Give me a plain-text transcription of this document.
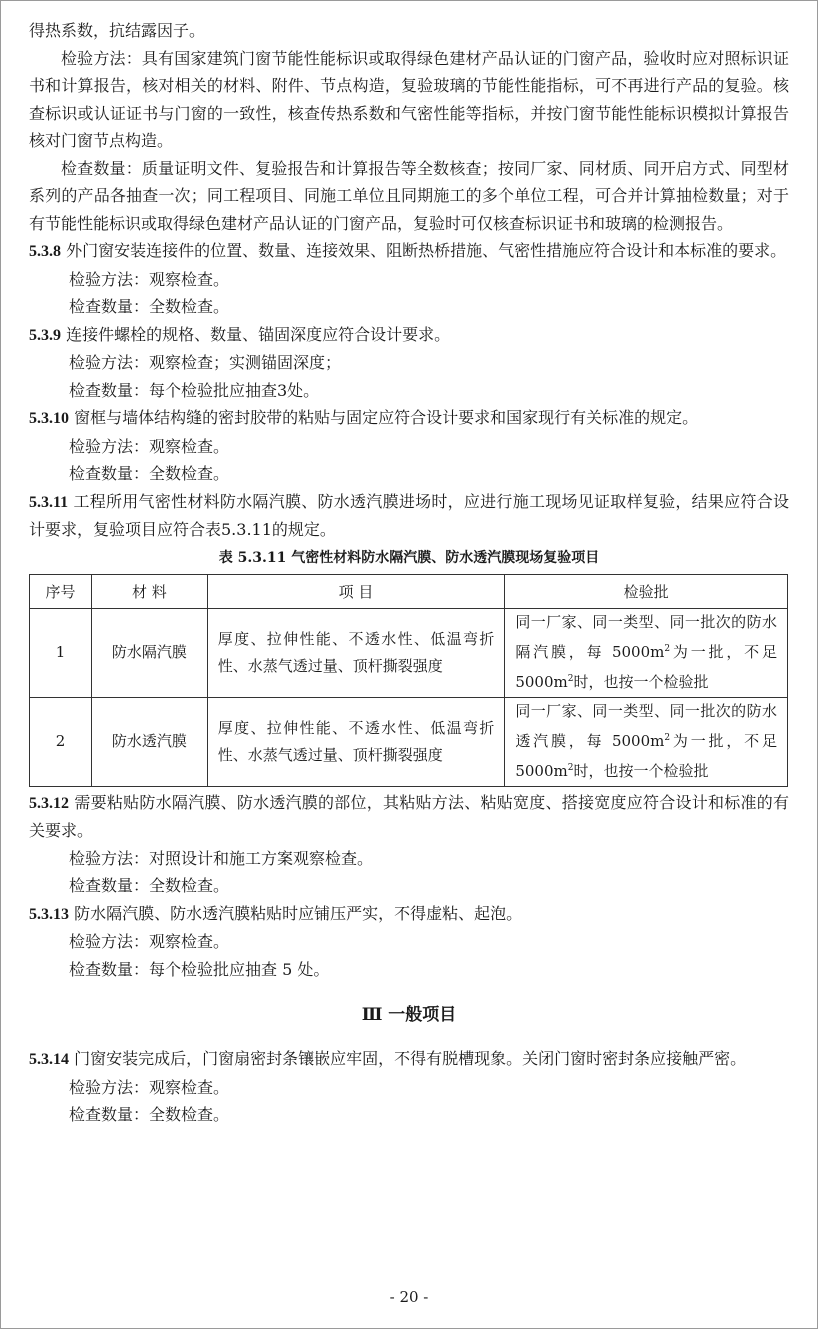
得热系数，抗结露因子。

检验方法：具有国家建筑门窗节能性能标识或取得绿色建材产品认证的门窗产品，验收时应对照标识证书和计算报告，核对相关的材料、附件、节点构造，复验玻璃的节能性能指标，可不再进行产品的复验。核查标识或认证证书与门窗的一致性，核查传热系数和气密性能等指标，并按门窗节能性能标识模拟计算报告核对门窗节点构造。

检查数量：质量证明文件、复验报告和计算报告等全数核查；按同厂家、同材质、同开启方式、同型材系列的产品各抽查一次；同工程项目、同施工单位且同期施工的多个单位工程，可合并计算抽检数量；对于有节能性能标识或取得绿色建材产品认证的门窗产品，复验时可仅核查标识证书和玻璃的检测报告。

5.3.8 外门窗安装连接件的位置、数量、连接效果、阻断热桥措施、气密性措施应符合设计和本标准的要求。

检验方法：观察检查。

检查数量：全数检查。

5.3.9 连接件螺栓的规格、数量、锚固深度应符合设计要求。

检验方法：观察检查；实测锚固深度；

检查数量：每个检验批应抽查3处。

5.3.10 窗框与墙体结构缝的密封胶带的粘贴与固定应符合设计要求和国家现行有关标准的规定。

检验方法：观察检查。

检查数量：全数检查。

5.3.11 工程所用气密性材料防水隔汽膜、防水透汽膜进场时，应进行施工现场见证取样复验，结果应符合设计要求，复验项目应符合表5.3.11的规定。

表 5.3.11 气密性材料防水隔汽膜、防水透汽膜现场复验项目
序号	材 料	项 目	检验批
1	防水隔汽膜	厚度、拉伸性能、不透水性、低温弯折性、水蒸气透过量、顶杆撕裂强度	同一厂家、同一类型、同一批次的防水隔汽膜，每 $5000m^2$为一批，不足$5000m^2$时，也按一个检验批
2	防水透汽膜	厚度、拉伸性能、不透水性、低温弯折性、水蒸气透过量、顶杆撕裂强度	同一厂家、同一类型、同一批次的防水透汽膜，每 $5000m^2$为一批，不足$5000m^2$时，也按一个检验批

5.3.12 需要粘贴防水隔汽膜、防水透汽膜的部位，其粘贴方法、粘贴宽度、搭接宽度应符合设计和标准的有关要求。

检验方法：对照设计和施工方案观察检查。

检查数量：全数检查。

5.3.13 防水隔汽膜、防水透汽膜粘贴时应铺压严实，不得虚粘、起泡。

检验方法：观察检查。

检查数量：每个检验批应抽查 5 处。

Ⅲ 一般项目

5.3.14 门窗安装完成后，门窗扇密封条镶嵌应牢固，不得有脱槽现象。关闭门窗时密封条应接触严密。

检验方法：观察检查。

检查数量：全数检查。

- 20 -
